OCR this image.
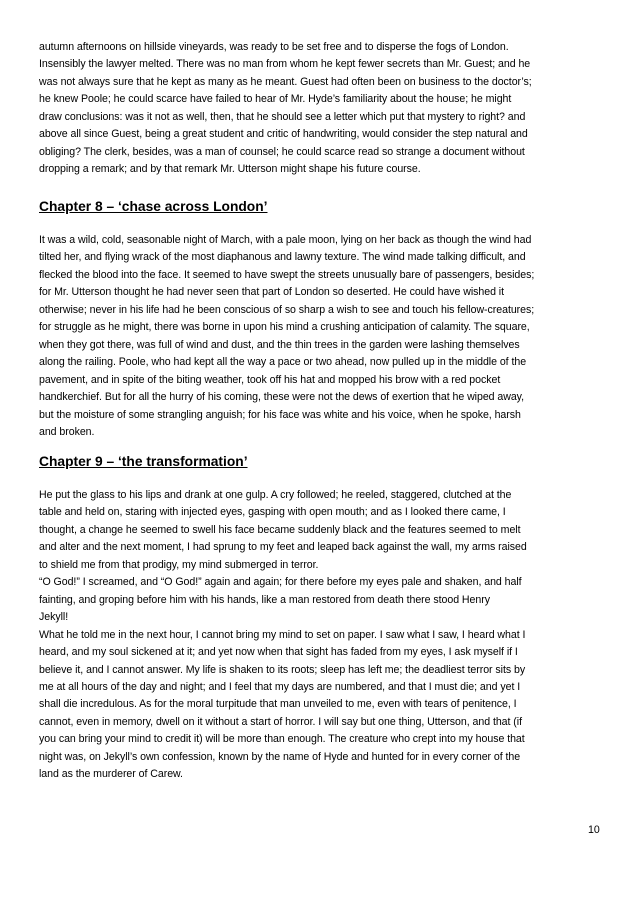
autumn afternoons on hillside vineyards, was ready to be set free and to disperse the fogs of London.
Insensibly the lawyer melted. There was no man from whom he kept fewer secrets than Mr. Guest; and he
was not always sure that he kept as many as he meant. Guest had often been on business to the doctor’s;
he knew Poole; he could scarce have failed to hear of Mr. Hyde’s familiarity about the house; he might
draw conclusions: was it not as well, then, that he should see a letter which put that mystery to right? and
above all since Guest, being a great student and critic of handwriting, would consider the step natural and
obliging? The clerk, besides, was a man of counsel; he could scarce read so strange a document without
dropping a remark; and by that remark Mr. Utterson might shape his future course.
Chapter 8 – ‘chase across London’
It was a wild, cold, seasonable night of March, with a pale moon, lying on her back as though the wind had
tilted her, and flying wrack of the most diaphanous and lawny texture. The wind made talking difficult, and
flecked the blood into the face. It seemed to have swept the streets unusually bare of passengers, besides;
for Mr. Utterson thought he had never seen that part of London so deserted. He could have wished it
otherwise; never in his life had he been conscious of so sharp a wish to see and touch his fellow-creatures;
for struggle as he might, there was borne in upon his mind a crushing anticipation of calamity. The square,
when they got there, was full of wind and dust, and the thin trees in the garden were lashing themselves
along the railing. Poole, who had kept all the way a pace or two ahead, now pulled up in the middle of the
pavement, and in spite of the biting weather, took off his hat and mopped his brow with a red pocket
handkerchief. But for all the hurry of his coming, these were not the dews of exertion that he wiped away,
but the moisture of some strangling anguish; for his face was white and his voice, when he spoke, harsh
and broken.
Chapter 9 – ‘the transformation’
He put the glass to his lips and drank at one gulp. A cry followed; he reeled, staggered, clutched at the
table and held on, staring with injected eyes, gasping with open mouth; and as I looked there came, I
thought, a change he seemed to swell his face became suddenly black and the features seemed to melt
and alter and the next moment, I had sprung to my feet and leaped back against the wall, my arms raised
to shield me from that prodigy, my mind submerged in terror.
“O God!” I screamed, and “O God!” again and again; for there before my eyes pale and shaken, and half
fainting, and groping before him with his hands, like a man restored from death there stood Henry
Jekyll!
What he told me in the next hour, I cannot bring my mind to set on paper. I saw what I saw, I heard what I
heard, and my soul sickened at it; and yet now when that sight has faded from my eyes, I ask myself if I
believe it, and I cannot answer. My life is shaken to its roots; sleep has left me; the deadliest terror sits by
me at all hours of the day and night; and I feel that my days are numbered, and that I must die; and yet I
shall die incredulous. As for the moral turpitude that man unveiled to me, even with tears of penitence, I
cannot, even in memory, dwell on it without a start of horror. I will say but one thing, Utterson, and that (if
you can bring your mind to credit it) will be more than enough. The creature who crept into my house that
night was, on Jekyll’s own confession, known by the name of Hyde and hunted for in every corner of the
land as the murderer of Carew.
10
